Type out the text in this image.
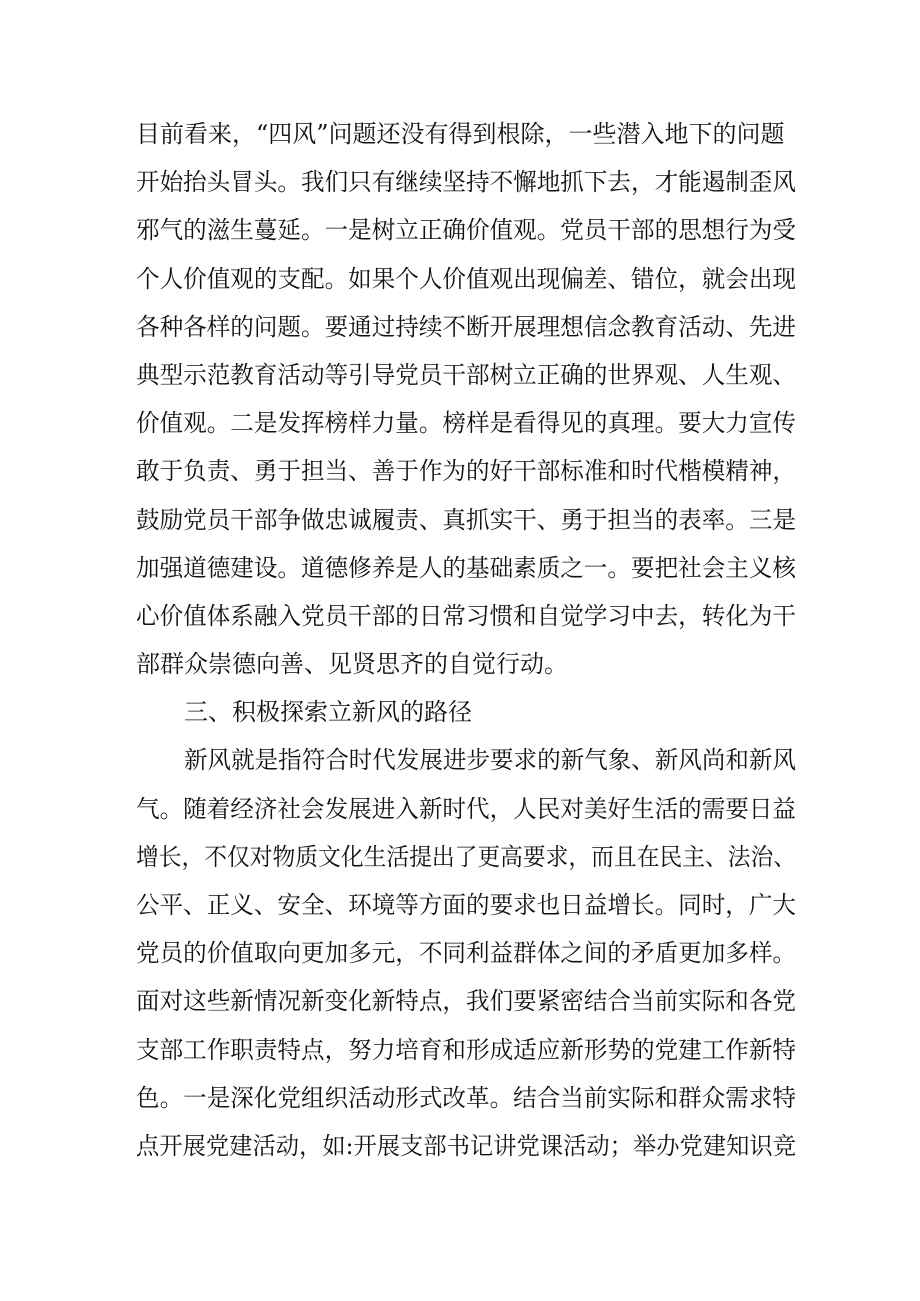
目前看来，“四风”问题还没有得到根除，一些潜入地下的问题
开始抬头冒头。我们只有继续坚持不懈地抓下去，才能遏制歪风
邪气的滋生蔓延。一是树立正确价值观。党员干部的思想行为受
个人价值观的支配。如果个人价值观出现偏差、错位，就会出现
各种各样的问题。要通过持续不断开展理想信念教育活动、先进
典型示范教育活动等引导党员干部树立正确的世界观、人生观、
价值观。二是发挥榜样力量。榜样是看得见的真理。要大力宣传
敢于负责、勇于担当、善于作为的好干部标准和时代楷模精神，
鼓励党员干部争做忠诚履责、真抓实干、勇于担当的表率。三是
加强道德建设。道德修养是人的基础素质之一。要把社会主义核
心价值体系融入党员干部的日常习惯和自觉学习中去，转化为干
部群众崇德向善、见贤思齐的自觉行动。
三、积极探索立新风的路径
新风就是指符合时代发展进步要求的新气象、新风尚和新风
气。随着经济社会发展进入新时代，人民对美好生活的需要日益
增长，不仅对物质文化生活提出了更高要求，而且在民主、法治、
公平、正义、安全、环境等方面的要求也日益增长。同时，广大
党员的价值取向更加多元，不同利益群体之间的矛盾更加多样。
面对这些新情况新变化新特点，我们要紧密结合当前实际和各党
支部工作职责特点，努力培育和形成适应新形势的党建工作新特
色。一是深化党组织活动形式改革。结合当前实际和群众需求特
点开展党建活动，如:开展支部书记讲党课活动；举办党建知识竞
